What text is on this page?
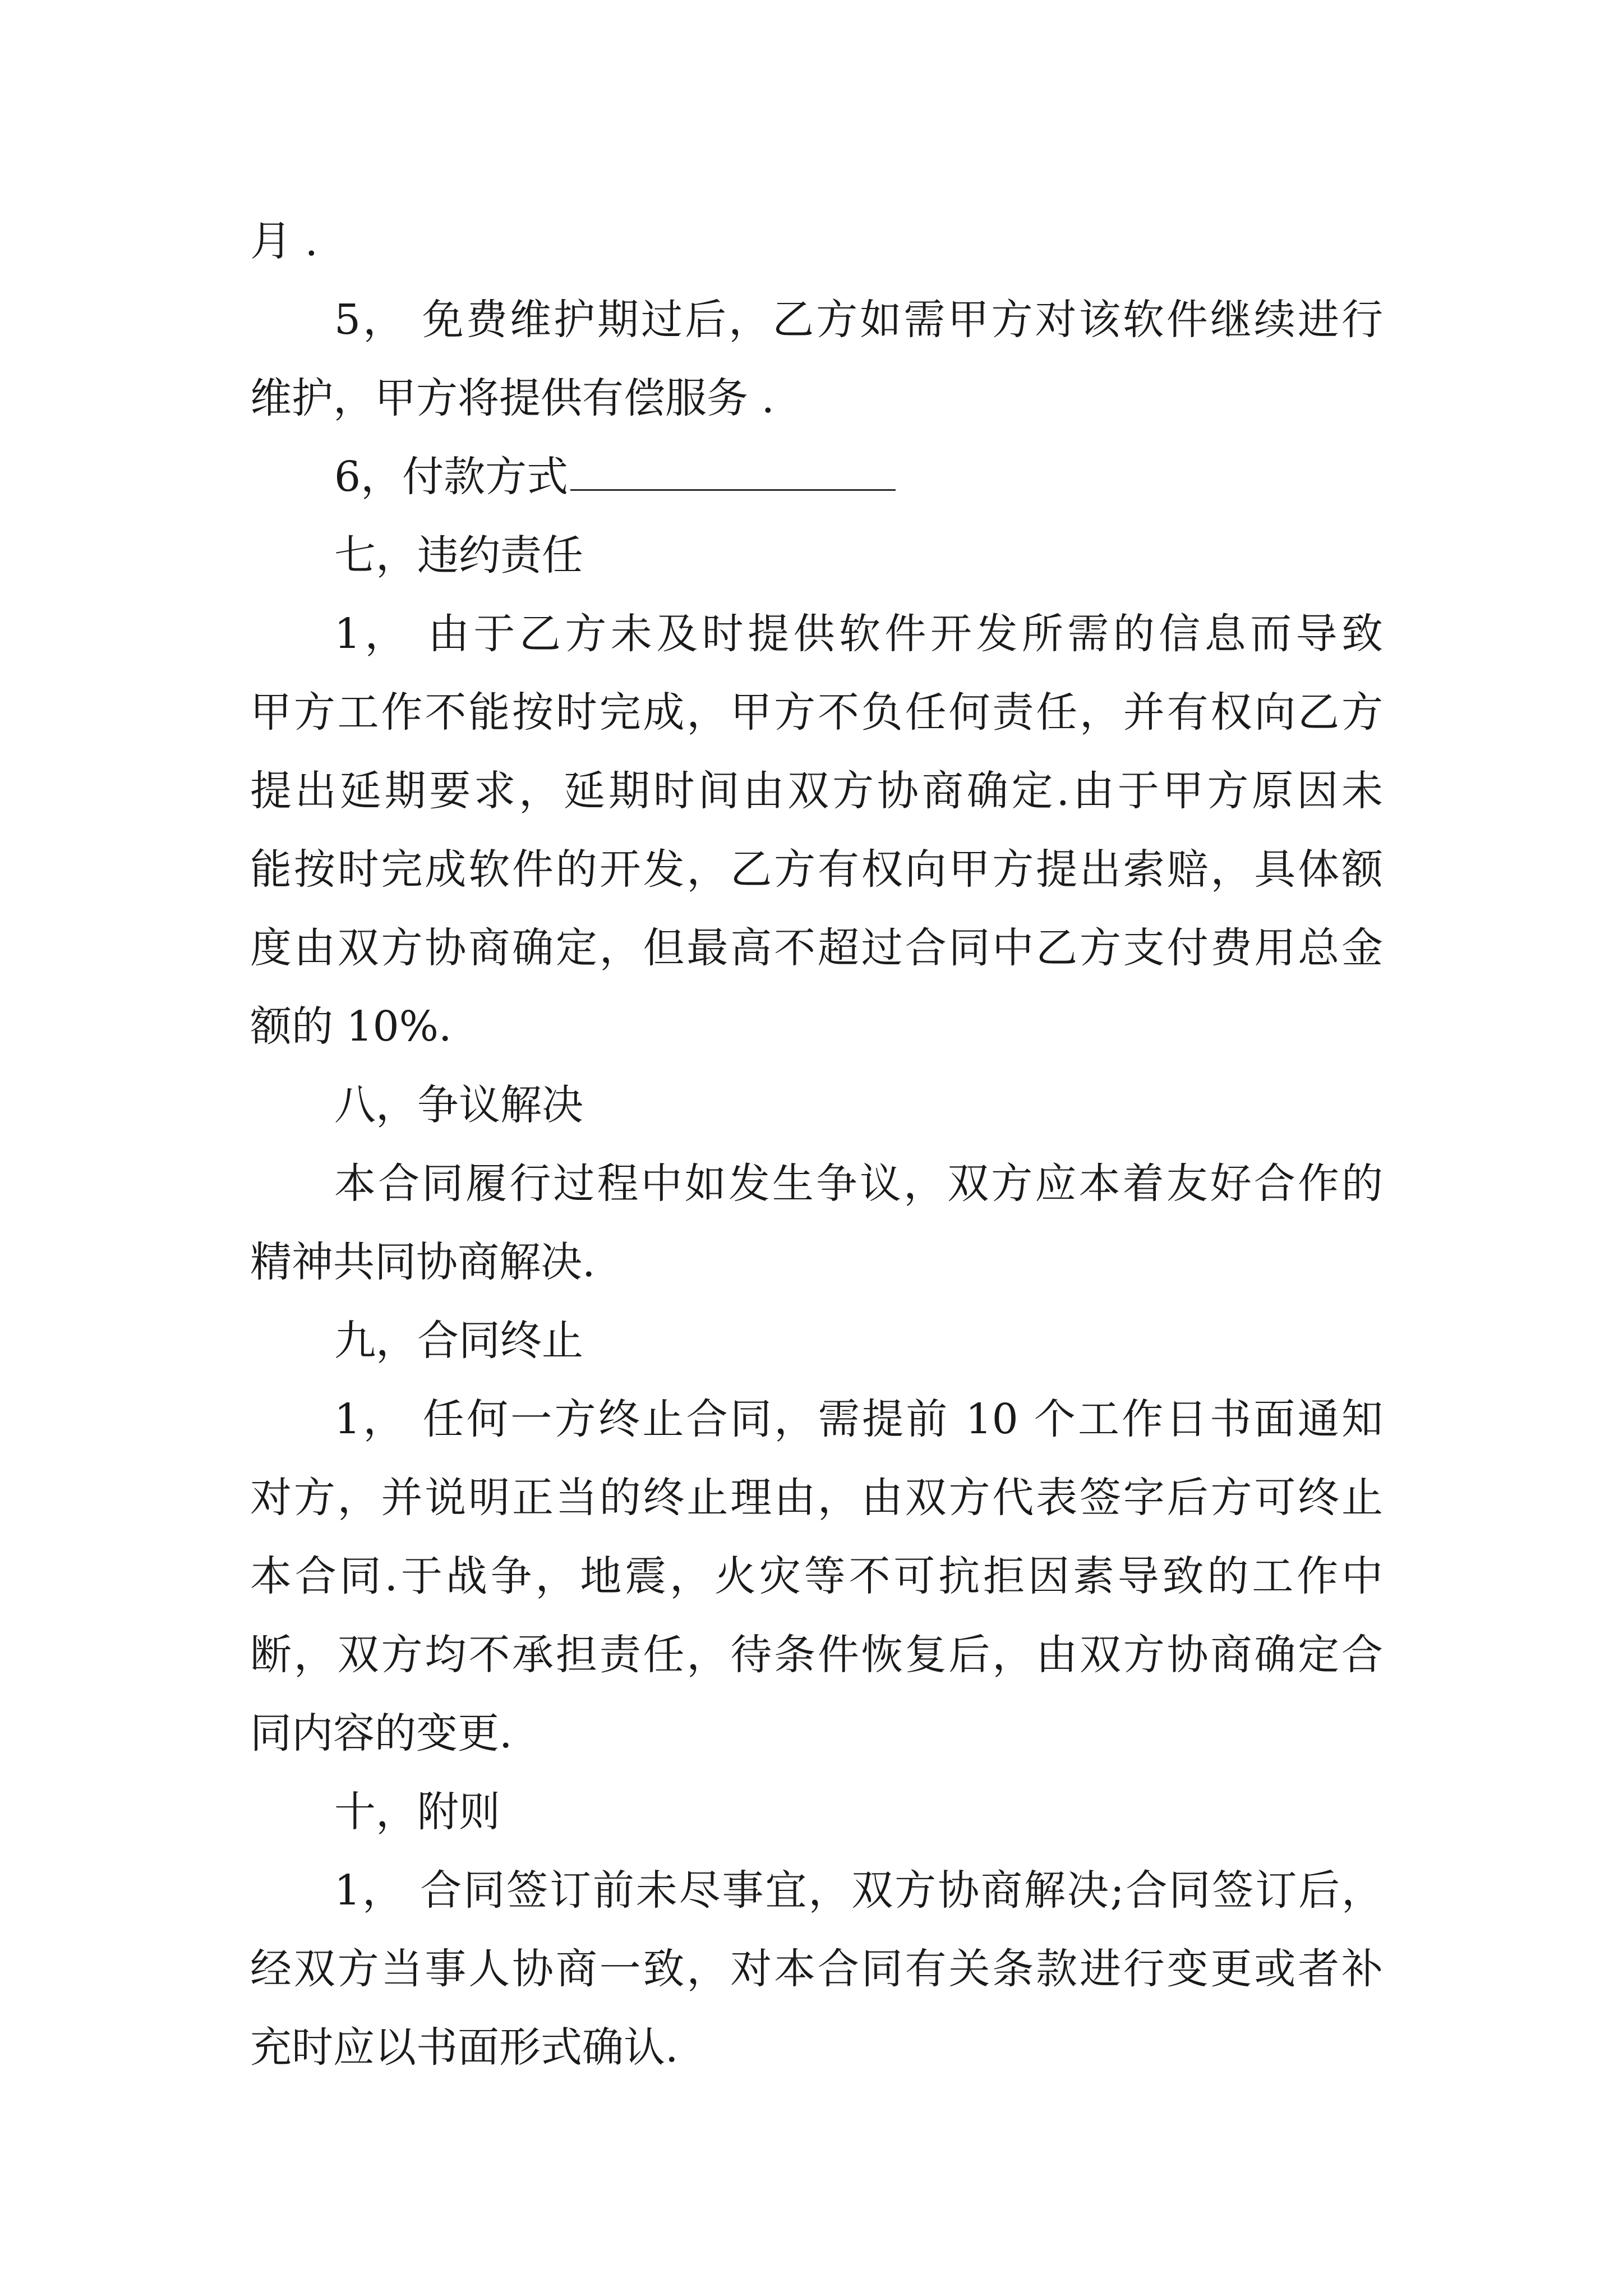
月 .
5， 免费维护期过后，乙方如需甲方对该软件继续进行
维护，甲方将提供有偿服务 .
6，付款方式
七，违约责任
1， 由于乙方未及时提供软件开发所需的信息而导致
甲方工作不能按时完成，甲方不负任何责任，并有权向乙方
提出延期要求，延期时间由双方协商确定.由于甲方原因未
能按时完成软件的开发，乙方有权向甲方提出索赔，具体额
度由双方协商确定，但最高不超过合同中乙方支付费用总金
额的 10%.
八，争议解决
本合同履行过程中如发生争议，双方应本着友好合作的
精神共同协商解决.
九，合同终止
1， 任何一方终止合同，需提前 10 个工作日书面通知
对方，并说明正当的终止理由，由双方代表签字后方可终止
本合同.于战争，地震，火灾等不可抗拒因素导致的工作中
断，双方均不承担责任，待条件恢复后，由双方协商确定合
同内容的变更.
十，附则
1， 合同签订前未尽事宜，双方协商解决;合同签订后，
经双方当事人协商一致，对本合同有关条款进行变更或者补
充时应以书面形式确认.
